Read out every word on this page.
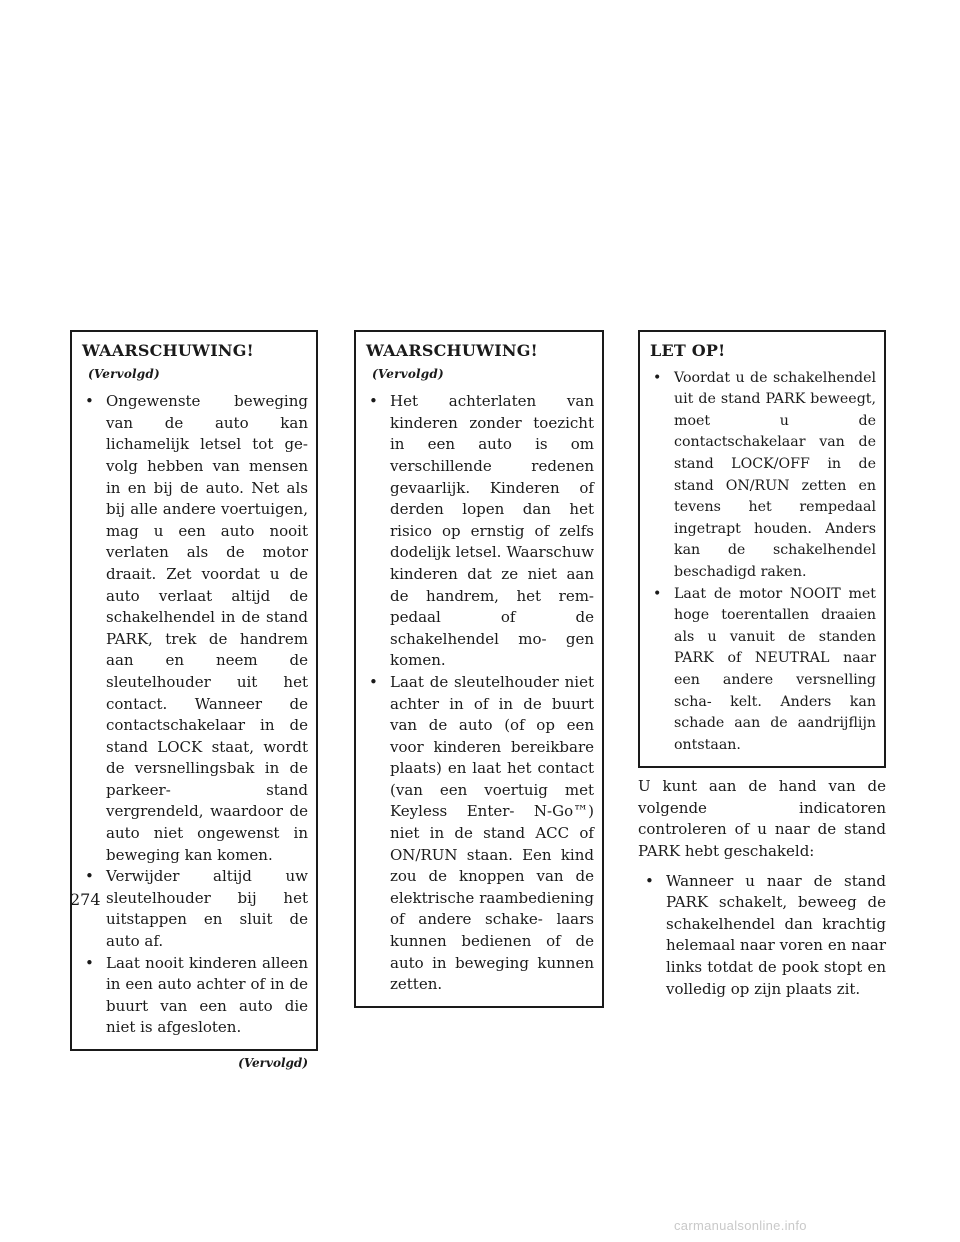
WAARSCHUWING!(Vervolgd)
• Ongewenste beweging van de auto kan lichamelijk letsel tot ge- volg hebben van mensen in en bij de auto. Net als bij alle andere voertuigen, mag u een auto nooit verlaten als de motor draait. Zet voordat u de auto verlaat altijd de schakelhendel in de stand PARK, trek de handrem aan en neem de sleutelhouder uit het contact. Wanneer de contactschakelaar in de stand LOCK staat, wordt de versnellingsbak in de parkeer- stand vergrendeld, waardoor de auto niet ongewenst in beweging kan komen.
• Verwijder altijd uw sleutelhouder bij het uitstappen en sluit de auto af.
• Laat nooit kinderen alleen in een auto achter of in de buurt van een auto die niet is afgesloten.
(Vervolgd)
WAARSCHUWING!(Vervolgd)
• Het achterlaten van kinderen zonder toezicht in een auto is om verschillende redenen gevaarlijk. Kinderen of derden lopen dan het risico op ernstig of zelfs dodelijk letsel. Waarschuw kinderen dat ze niet aan de handrem, het rem- pedaal of de schakelhendel mo- gen komen.
• Laat de sleutelhouder niet achter in of in de buurt van de auto (of op een voor kinderen bereikbare plaats) en laat het contact (van een voertuig met Keyless Enter- N-Go™) niet in de stand ACC of ON/RUN staan. Een kind zou de knoppen van de elektrische raambediening of andere schake- laars kunnen bedienen of de auto in beweging kunnen zetten.
LET OP!
• Voordat u de schakelhendel uit de stand PARK beweegt, moet u de contactschakelaar van de stand LOCK/OFF in de stand ON/RUN zetten en tevens het rempedaal ingetrapt houden. Anders kan de schakelhendel beschadigd raken.
• Laat de motor NOOIT met hoge toerentallen draaien als u vanuit de standen PARK of NEUTRAL naar een andere versnelling scha- kelt. Anders kan schade aan de aandrijflijn ontstaan.

U kunt aan de hand van de volgende indicatoren controleren of u naar de stand PARK hebt geschakeld:

• Wanneer u naar de stand PARK schakelt, beweeg de schakelhendel dan krachtig helemaal naar voren en naar links totdat de pook stopt en volledig op zijn plaats zit.
274
carmanualsonline.info
